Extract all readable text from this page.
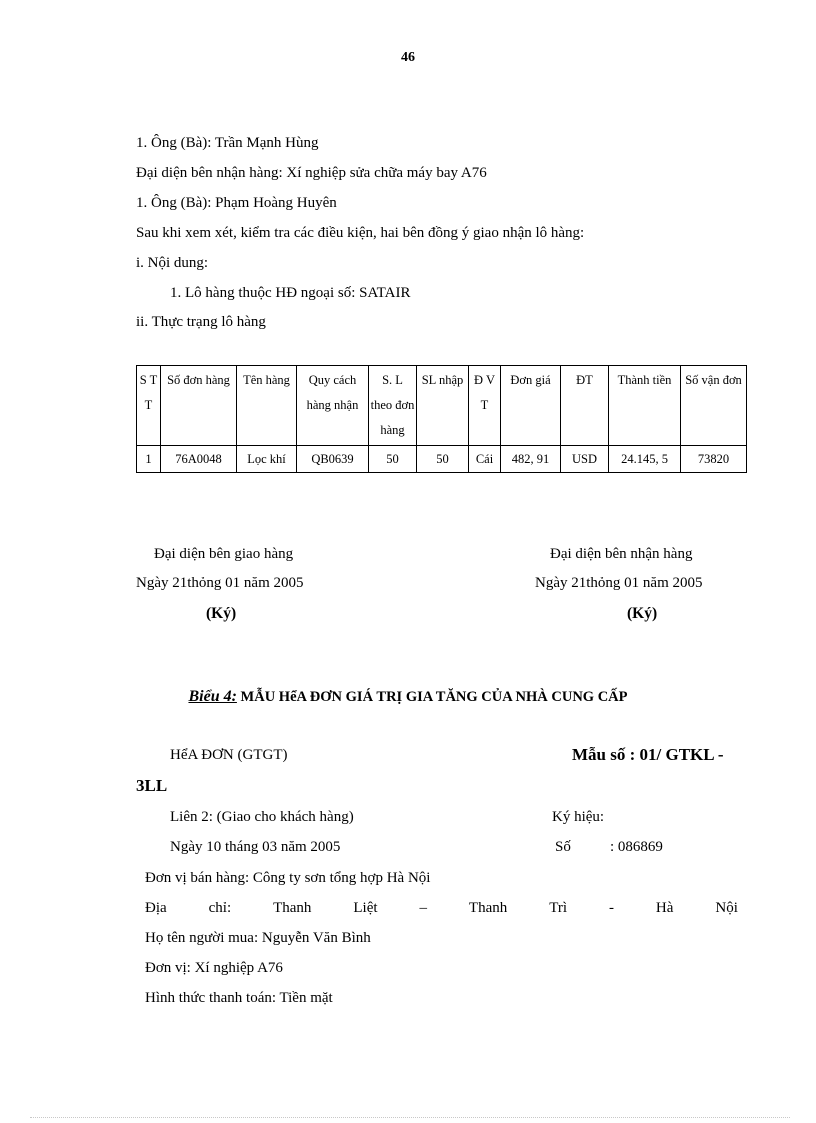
46
1. Ông (Bà): Trần Mạnh Hùng
Đại diện bên nhận hàng: Xí nghiệp sửa chữa máy bay A76
1. Ông (Bà): Phạm Hoàng Huyên
Sau khi xem xét, kiểm tra các điều kiện, hai bên đồng ý giao nhận lô hàng:
i. Nội dung:
1. Lô hàng thuộc HĐ ngoại số: SATAIR
ii. Thực trạng lô hàng
S T T	Số đơn hàng	Tên hàng	Quy cách hàng nhận	S. L theo đơn hàng	SL nhập	Đ V T	Đơn giá	ĐT	Thành tiền	Số vận đơn
1	76A0048	Lọc khí	QB0639	50	50	Cái	482, 91	USD	24.145, 5	73820
Đại diện bên giao hàng
Ngày 21thỏng 01 năm 2005
(Ký)
Đại diện bên nhận hàng
Ngày 21thỏng 01 năm 2005
(Ký)
Biểu 4: MẪU HểA ĐƠN GIÁ TRỊ GIA TĂNG CỦA NHÀ CUNG CẤP
HểA ĐƠN (GTGT)	Mẫu số : 01/ GTKL -
3LL
Liên 2: (Giao cho khách hàng)	Ký hiệu:
Ngày 10 tháng 03 năm 2005	Số	: 086869
Đơn vị bán hàng: Công ty sơn tổng hợp Hà Nội
Địa	chỉ:	Thanh	Liệt	–	Thanh	Trì	-	Hà	Nội
Họ tên người mua: Nguyễn Văn Bình
Đơn vị: Xí nghiệp A76
Hình thức thanh toán: Tiền mặt
